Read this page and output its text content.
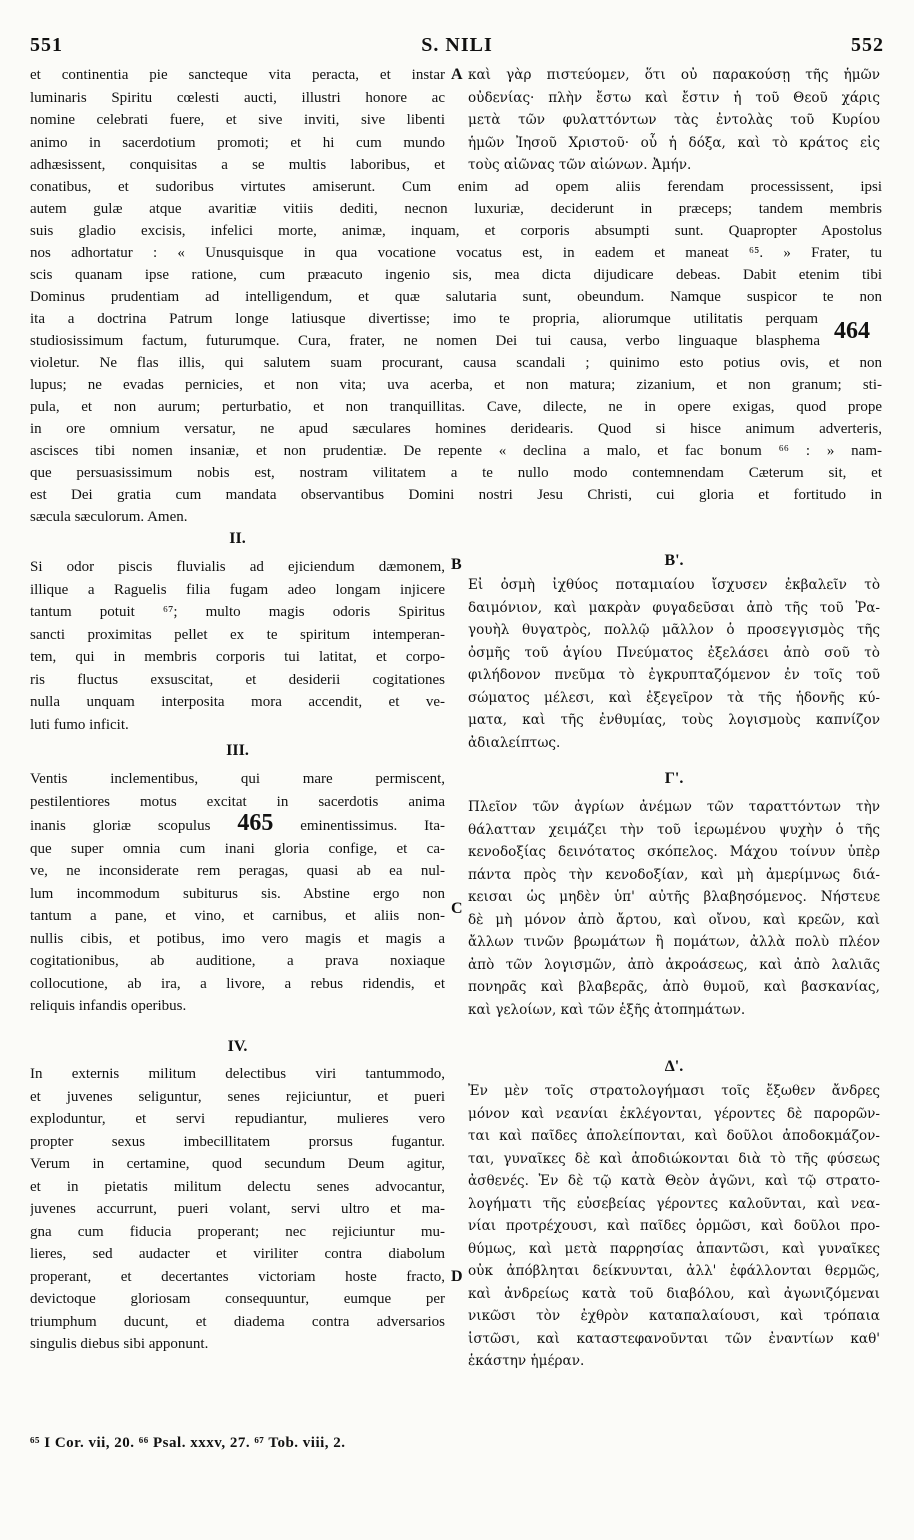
551	S. NILI	552
et continentia pie sancteque vita peracta, et instar
luminaris Spiritu cœlesti aucti, illustri honore ac
nomine celebrati fuere, et sive inviti, sive libenti
animo in sacerdotium promoti; et hi cum mundo
adhæsissent, conquisitas a se multis laboribus, et
A καὶ γὰρ πιστεύομεν, ὅτι οὐ παρακούσῃ τῆς ἡμῶν
οὐδενίας· πλὴν ἔστω καὶ ἔστιν ἡ τοῦ Θεοῦ χάρις
μετὰ τῶν φυλαττόντων τὰς ἐντολὰς τοῦ Κυρίου
ἡμῶν Ἰησοῦ Χριστοῦ· οὗ ἡ δόξα, καὶ τὸ κράτος εἰς
τοὺς αἰῶνας τῶν αἰώνων. Ἀμήν.
conatibus, et sudoribus virtutes amiserunt. Cum enim ad opem aliis ferendam processissent, ipsi
autem gulæ atque avaritiæ vitiis dediti, necnon luxuriæ, deciderunt in præceps; tandem membris
suis gladio excisis, infelici morte, animæ, inquam, et corporis absumpti sunt. Quapropter Apostolus
nos adhortatur : « Unusquisque in qua vocatione vocatus est, in eadem et maneat ⁶⁵. » Frater, tu
scis quanam ipse ratione, cum præacuto ingenio sis, mea dicta dijudicare debeas. Dabit etenim tibi
Dominus prudentiam ad intelligendum, et quæ salutaria sunt, obeundum. Namque suspicor te non
ita a doctrina Patrum longe latiusque divertisse; imo te propria, aliorumque utilitatis perquam 464
studiosissimum factum, futurumque. Cura, frater, ne nomen Dei tui causa, verbo linguaque blasphema
violetur. Ne flas illis, qui salutem suam procurant, causa scandali ; quinimo esto potius ovis, et non
lupus; ne evadas pernicies, et non vita; uva acerba, et non matura; zizanium, et non granum; sti-
pula, et non aurum; perturbatio, et non tranquillitas. Cave, dilecte, ne in opere exigas, quod prope
in ore omnium versatur, ne apud sæculares homines deridearis. Quod si hisce animum adverteris,
ascisces tibi nomen insaniæ, et non prudentiæ. De repente « declina a malo, et fac bonum ⁶⁶ : » nam-
que persuasissimum nobis est, nostram vilitatem a te nullo modo contemnendam Cæterum sit, et
est Dei gratia cum mandata observantibus Domini nostri Jesu Christi, cui gloria et fortitudo in
sæcula sæculorum. Amen.
II.
B	Β'.
Si odor piscis fluvialis ad ejiciendum dæmonem,
illique a Raguelis filia fugam adeo longam injicere
tantum potuit ⁶⁷; multo magis odoris Spiritus
sancti proximitas pellet ex te spiritum intemperan-
tem, qui in membris corporis tui latitat, et corpo-
ris fluctus exsuscitat, et desiderii cogitationes
nulla unquam interposita mora accendit, et ve-
luti fumo inficit.
Εἰ ὀσμὴ ἰχθύος ποταμιαίου ἴσχυσεν ἐκβαλεῖν τὸ
δαιμόνιον, καὶ μακρὰν φυγαδεῦσαι ἀπὸ τῆς τοῦ Ῥα-
γουὴλ θυγατρὸς, πολλῷ μᾶλλον ὁ προσεγγισμὸς τῆς
ὀσμῆς τοῦ ἁγίου Πνεύματος ἐξελάσει ἀπὸ σοῦ τὸ
φιλήδονον πνεῦμα τὸ ἐγκρυπταζόμενον ἐν τοῖς τοῦ
σώματος μέλεσι, καὶ ἐξεγεῖρον τὰ τῆς ἡδονῆς κύ-
ματα, καὶ τῆς ἐνθυμίας, τοὺς λογισμοὺς καπνίζον
ἀδιαλείπτως.
III.
Γ'.
Ventis inclementibus, qui mare permiscent,
pestilentiores motus excitat in sacerdotis anima
inanis gloriæ scopulus 465 eminentissimus. Ita-
que super omnia cum inani gloria confige, et ca-
ve, ne inconsiderate rem peragas, quasi ab ea nul-
lum incommodum subiturus sis. Abstine ergo non
tantum a pane, et vino, et carnibus, et aliis non-
nullis cibis, et potibus, imo vero magis et magis a
cogitationibus, ab auditione, a prava noxiaque
collocutione, ab ira, a livore, a rebus ridendis, et
reliquis infandis operibus.
C
Πλεῖον τῶν ἀγρίων ἀνέμων τῶν ταραττόντων τὴν
θάλατταν χειμάζει τὴν τοῦ ἱερωμένου ψυχὴν ὁ τῆς
κενοδοξίας δεινότατος σκόπελος. Μάχου τοίνυν ὑπὲρ
πάντα πρὸς τὴν κενοδοξίαν, καὶ μὴ ἀμερίμνως διά-
κεισαι ὡς μηδὲν ὑπ' αὐτῆς βλαβησόμενος. Νήστευε
δὲ μὴ μόνον ἀπὸ ἄρτου, καὶ οἴνου, καὶ κρεῶν, καὶ
ἄλλων τινῶν βρωμάτων ἢ πομάτων, ἀλλὰ πολὺ πλέον
ἀπὸ τῶν λογισμῶν, ἀπὸ ἀκροάσεως, καὶ ἀπὸ λαλιᾶς
πονηρᾶς καὶ βλαβερᾶς, ἀπὸ θυμοῦ, καὶ βασκανίας,
καὶ γελοίων, καὶ τῶν ἑξῆς ἀτοπημάτων.
IV.
Δ'.
In externis militum delectibus viri tantummodo,
et juvenes seliguntur, senes rejiciuntur, et pueri
exploduntur, et servi repudiantur, mulieres vero
propter sexus imbecillitatem prorsus fugantur.
Verum in certamine, quod secundum Deum agitur,
et in pietatis militum delectu senes advocantur,
juvenes accurrunt, pueri volant, servi ultro et ma-
gna cum fiducia properant; nec rejiciuntur mu-
lieres, sed audacter et viriliter contra diabolum
properant, et decertantes victoriam hoste fracto,
devictoque gloriosam consequuntur, eumque per
triumphum ducunt, et diadema contra adversarios
singulis diebus sibi apponunt.
D
Ἐν μὲν τοῖς στρατολογήμασι τοῖς ἔξωθεν ἄνδρες
μόνον καὶ νεανίαι ἐκλέγονται, γέροντες δὲ παρορῶν-
ται καὶ παῖδες ἀπολείπονται, καὶ δοῦλοι ἀποδοκμάζον-
ται, γυναῖκες δὲ καὶ ἀποδιώκονται διὰ τὸ τῆς φύσεως
ἀσθενές. Ἐν δὲ τῷ κατὰ Θεὸν ἀγῶνι, καὶ τῷ στρατο-
λογήματι τῆς εὐσεβείας γέροντες καλοῦνται, καὶ νεα-
νίαι προτρέχουσι, καὶ παῖδες ὁρμῶσι, καὶ δοῦλοι προ-
θύμως, καὶ μετὰ παρρησίας ἀπαντῶσι, καὶ γυναῖκες
οὐκ ἀπόβληται δείκνυνται, ἀλλ' ἐφάλλονται θερμῶς,
καὶ ἀνδρείως κατὰ τοῦ διαβόλου, καὶ ἀγωνιζόμεναι
νικῶσι τὸν ἐχθρὸν καταπαλαίουσι, καὶ τρόπαια
ἱστῶσι, καὶ καταστεφανοῦνται τῶν ἐναντίων καθ'
ἑκάστην ἡμέραν.
⁶⁵ I Cor. vii, 20. ⁶⁶ Psal. xxxv, 27. ⁶⁷ Tob. viii, 2.
